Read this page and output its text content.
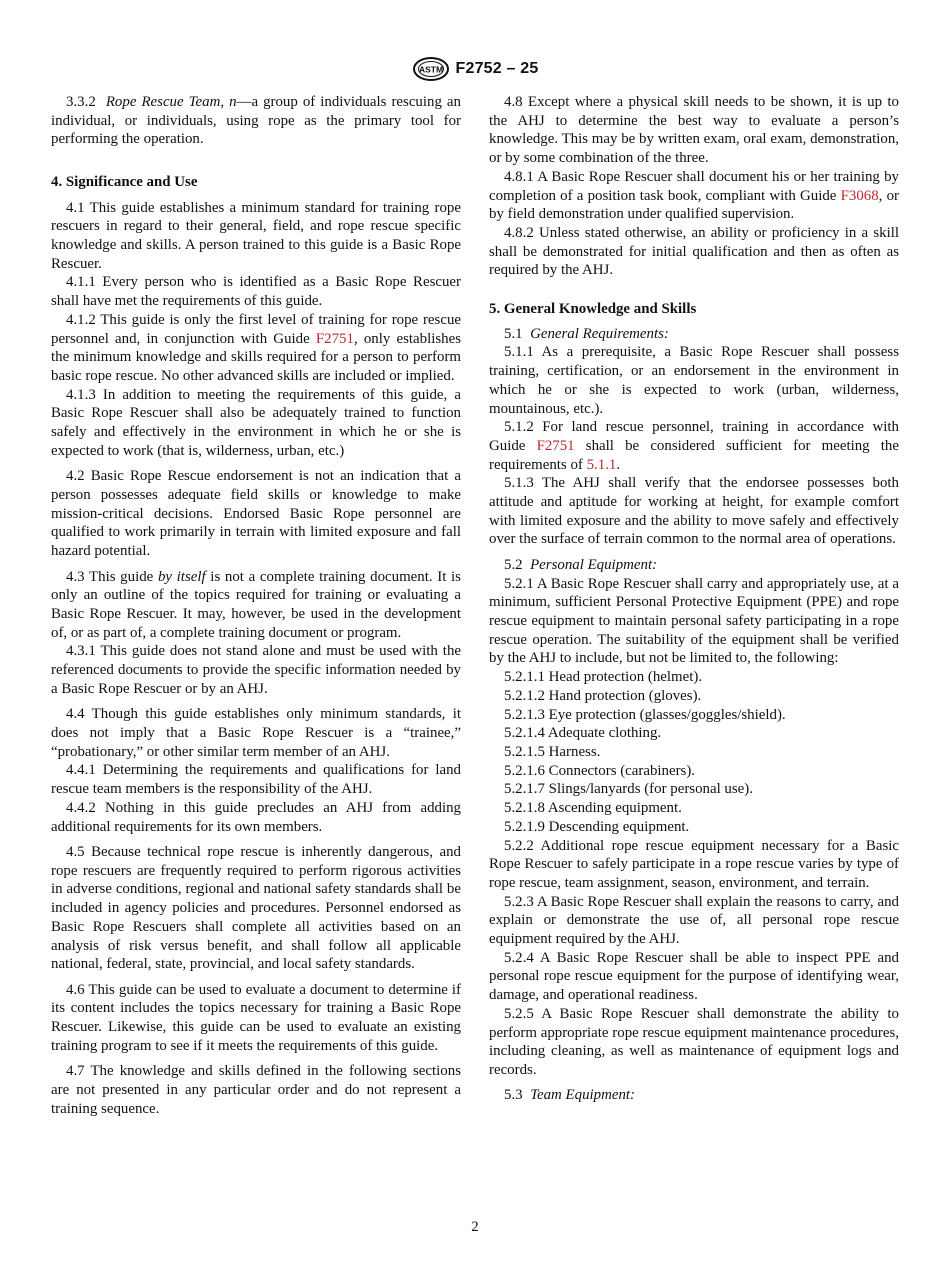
ASTM F2752 – 25

3.3.2 Rope Rescue Team, n—a group of individuals rescuing an individual, or individuals, using rope as the primary tool for performing the operation.

4. Significance and Use

4.1 This guide establishes a minimum standard for training rope rescuers in regard to their general, field, and rope rescue specific knowledge and skills. A person trained to this guide is a Basic Rope Rescuer.

4.1.1 Every person who is identified as a Basic Rope Rescuer shall have met the requirements of this guide.

4.1.2 This guide is only the first level of training for rope rescue personnel and, in conjunction with Guide F2751, only establishes the minimum knowledge and skills required for a person to perform basic rope rescue. No other advanced skills are included or implied.

4.1.3 In addition to meeting the requirements of this guide, a Basic Rope Rescuer shall also be adequately trained to function safely and effectively in the environment in which he or she is expected to work (that is, wilderness, urban, etc.)

4.2 Basic Rope Rescue endorsement is not an indication that a person possesses adequate field skills or knowledge to make mission-critical decisions. Endorsed Basic Rope personnel are qualified to work primarily in terrain with limited exposure and fall hazard potential.

4.3 This guide by itself is not a complete training document. It is only an outline of the topics required for training or evaluating a Basic Rope Rescuer. It may, however, be used in the development of, or as part of, a complete training document or program.

4.3.1 This guide does not stand alone and must be used with the referenced documents to provide the specific information needed by a Basic Rope Rescuer or by an AHJ.

4.4 Though this guide establishes only minimum standards, it does not imply that a Basic Rope Rescuer is a “trainee,” “probationary,” or other similar term member of an AHJ.

4.4.1 Determining the requirements and qualifications for land rescue team members is the responsibility of the AHJ.

4.4.2 Nothing in this guide precludes an AHJ from adding additional requirements for its own members.

4.5 Because technical rope rescue is inherently dangerous, and rope rescuers are frequently required to perform rigorous activities in adverse conditions, regional and national safety standards shall be included in agency policies and procedures. Personnel endorsed as Basic Rope Rescuers shall complete all activities based on an analysis of risk versus benefit, and shall follow all applicable national, federal, state, provincial, and local safety standards.

4.6 This guide can be used to evaluate a document to determine if its content includes the topics necessary for training a Basic Rope Rescuer. Likewise, this guide can be used to evaluate an existing training program to see if it meets the requirements of this guide.

4.7 The knowledge and skills defined in the following sections are not presented in any particular order and do not represent a training sequence.

4.8 Except where a physical skill needs to be shown, it is up to the AHJ to determine the best way to evaluate a person’s knowledge. This may be by written exam, oral exam, demonstration, or by some combination of the three.

4.8.1 A Basic Rope Rescuer shall document his or her training by completion of a position task book, compliant with Guide F3068, or by field demonstration under qualified supervision.

4.8.2 Unless stated otherwise, an ability or proficiency in a skill shall be demonstrated for initial qualification and then as often as required by the AHJ.

5. General Knowledge and Skills

5.1 General Requirements:

5.1.1 As a prerequisite, a Basic Rope Rescuer shall possess training, certification, or an endorsement in the environment in which he or she is expected to work (urban, wilderness, mountainous, etc.).

5.1.2 For land rescue personnel, training in accordance with Guide F2751 shall be considered sufficient for meeting the requirements of 5.1.1.

5.1.3 The AHJ shall verify that the endorsee possesses both attitude and aptitude for working at height, for example comfort with limited exposure and the ability to move safely and effectively over the surface of terrain common to the normal area of operations.

5.2 Personal Equipment:

5.2.1 A Basic Rope Rescuer shall carry and appropriately use, at a minimum, sufficient Personal Protective Equipment (PPE) and rope rescue equipment to maintain personal safety participating in a rope rescue operation. The suitability of the equipment shall be verified by the AHJ to include, but not be limited to, the following:

5.2.1.1 Head protection (helmet).

5.2.1.2 Hand protection (gloves).

5.2.1.3 Eye protection (glasses/goggles/shield).

5.2.1.4 Adequate clothing.

5.2.1.5 Harness.

5.2.1.6 Connectors (carabiners).

5.2.1.7 Slings/lanyards (for personal use).

5.2.1.8 Ascending equipment.

5.2.1.9 Descending equipment.

5.2.2 Additional rope rescue equipment necessary for a Basic Rope Rescuer to safely participate in a rope rescue varies by type of rope rescue, team assignment, season, environment, and terrain.

5.2.3 A Basic Rope Rescuer shall explain the reasons to carry, and explain or demonstrate the use of, all personal rope rescue equipment required by the AHJ.

5.2.4 A Basic Rope Rescuer shall be able to inspect PPE and personal rope rescue equipment for the purpose of identifying wear, damage, and operational readiness.

5.2.5 A Basic Rope Rescuer shall demonstrate the ability to perform appropriate rope rescue equipment maintenance procedures, including cleaning, as well as maintenance of equipment logs and records.

5.3 Team Equipment:

2
